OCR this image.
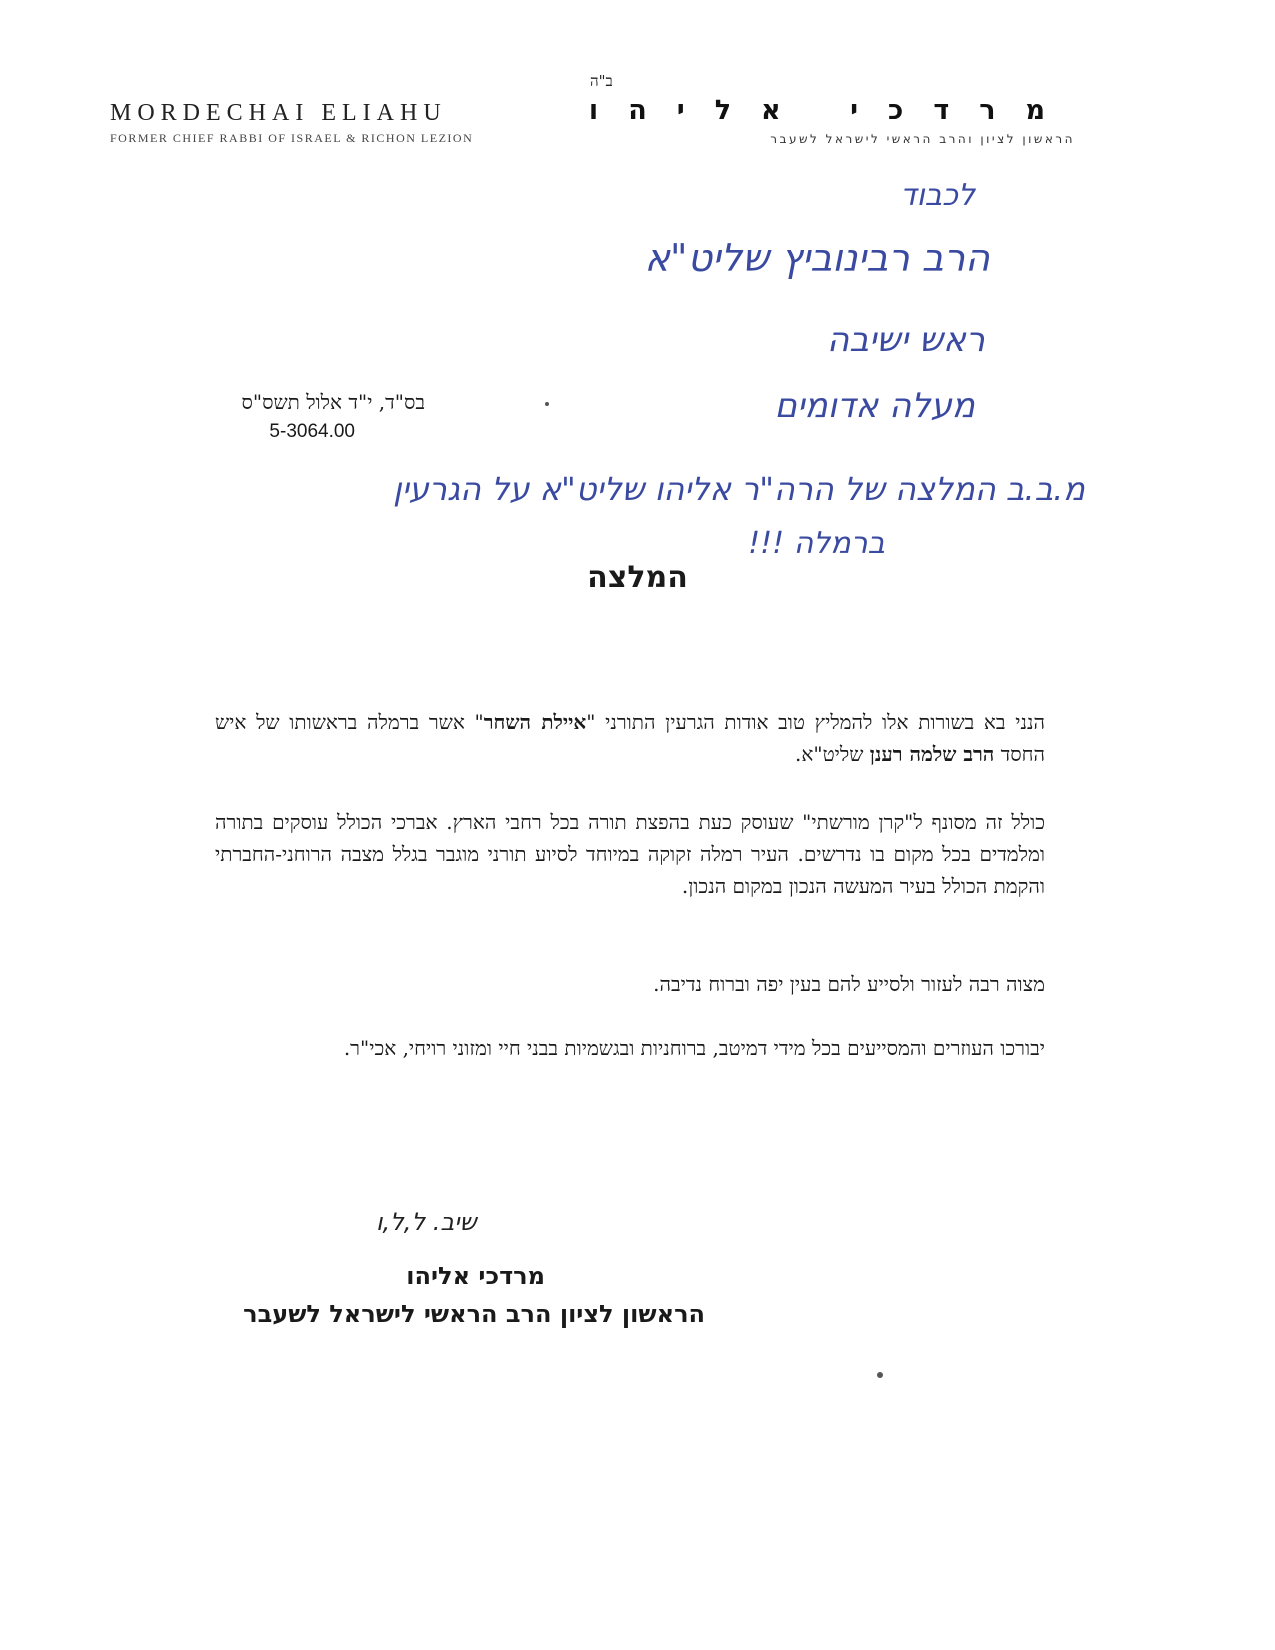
ב"ה
MORDECHAI ELIAHU
FORMER CHIEF RABBI OF ISRAEL & RICHON LEZION
מרדכי אליהו
הראשון לציון והרב הראשי לישראל לשעבר
לכבוד
הרב רבינוביץ שליט"א
ראש ישיבה
מעלה אדומים
בס"ד, י"ד אלול תשס"ס
5-3064.00
מ.ב.ב המלצה של הרה"ר אליהו שליט"א על הגרעין
ברמלה !!!
המלצה

הנני בא בשורות אלו להמליץ טוב אודות הגרעין התורני "איילת השחר" אשר ברמלה בראשותו של איש החסד הרב שלמה רענן שליט"א.

כולל זה מסונף ל"קרן מורשתי" שעוסק כעת בהפצת תורה בכל רחבי הארץ. אברכי הכולל עוסקים בתורה ומלמדים בכל מקום בו נדרשים. העיר רמלה זקוקה במיוחד לסיוע תורני מוגבר בגלל מצבה הרוחני-החברתי והקמת הכולל בעיר המעשה הנכון במקום הנכון.

מצוה רבה לעזור ולסייע להם בעין יפה וברוח נדיבה.

יבורכו העוזרים והמסייעים בכל מידי דמיטב, ברוחניות ובגשמיות בבני חיי ומזוני רויחי, אכי"ר.

שיב. ל,ל,ו
מרדכי אליהו
הראשון לציון הרב הראשי לישראל לשעבר
